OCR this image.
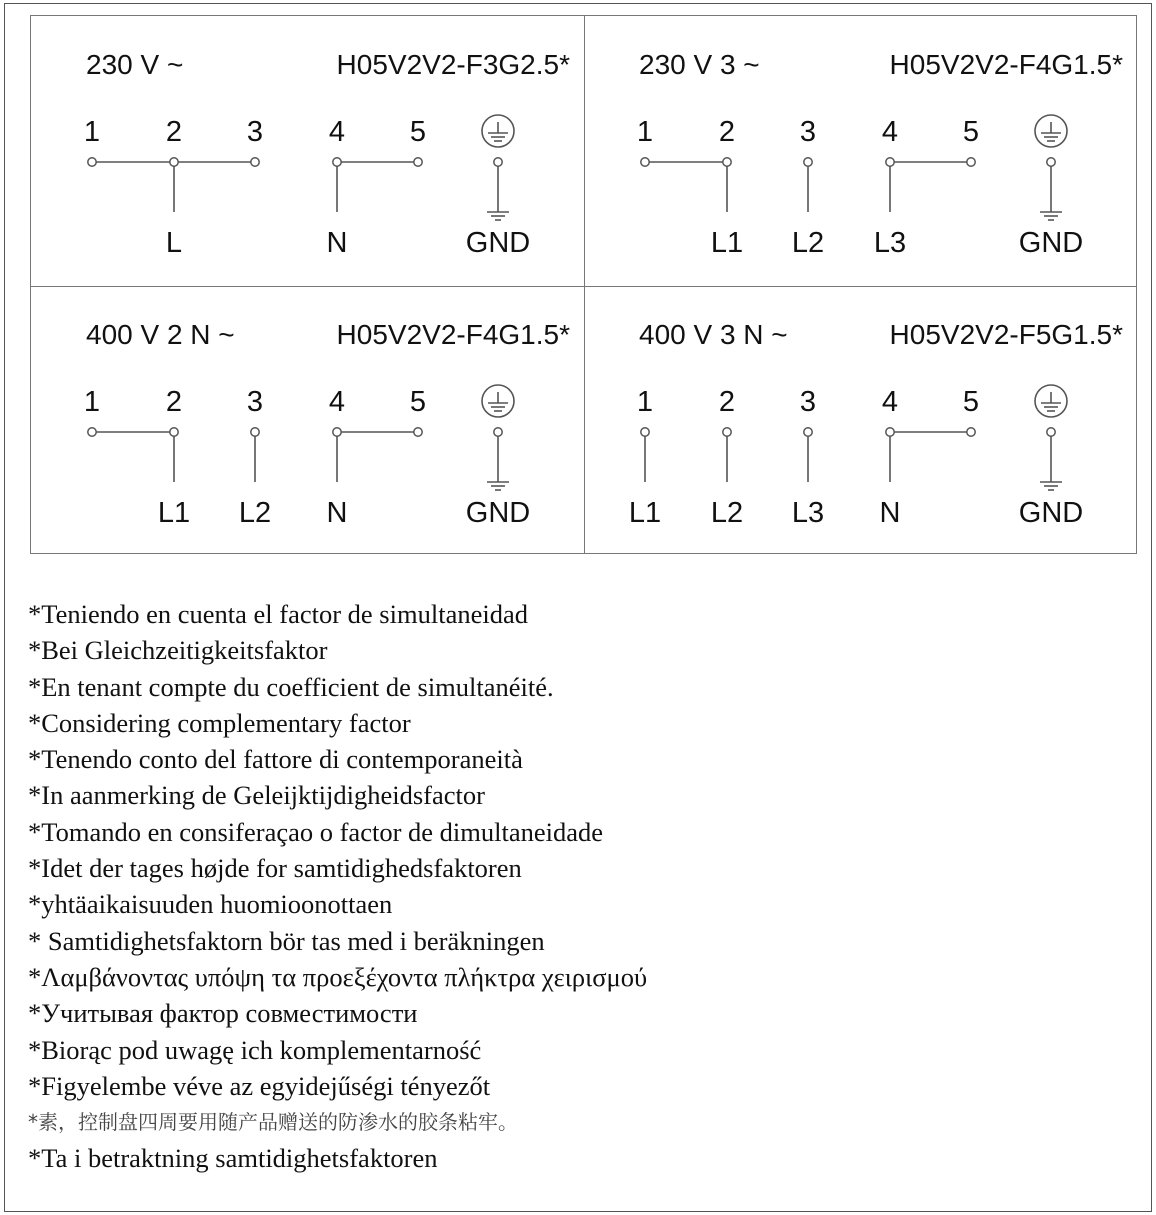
230 V ~	H05V2V2-F3G2.5*
1 2 3 4 5
L	N	GND
230 V 3 ~	H05V2V2-F4G1.5*
1 2 3 4 5
L1 L2 L3	GND
400 V 2 N ~	H05V2V2-F4G1.5*
1 2 3 4 5
L1 L2 N	GND
400 V 3 N ~	H05V2V2-F5G1.5*
1 2 3 4 5
L1 L2 L3 N	GND
*Teniendo en cuenta el factor de simultaneidad
*Bei Gleichzeitigkeitsfaktor
*En tenant compte du coefficient de simultanéité.
*Considering complementary factor
*Tenendo conto del fattore di contemporaneità
*In aanmerking de Geleijktijdigheidsfactor
*Tomando en consiferaçao o factor de dimultaneidade
*Idet der tages højde for samtidighedsfaktoren
*yhtäaikaisuuden huomioonottaen
* Samtidighetsfaktorn bör tas med i beräkningen
*Λαμβάνοντας υπόψη τα προεξέχοντα πλήκτρα χειρισμού
*Учитывая фактор совместимости
*Biorąc pod uwagę ich komplementarność
*Figyelembe véve az egyidejűségi tényezőt
*素，控制盘四周要用随产品赠送的防渗水的胶条粘牢。
*Ta i betraktning samtidighetsfaktoren
